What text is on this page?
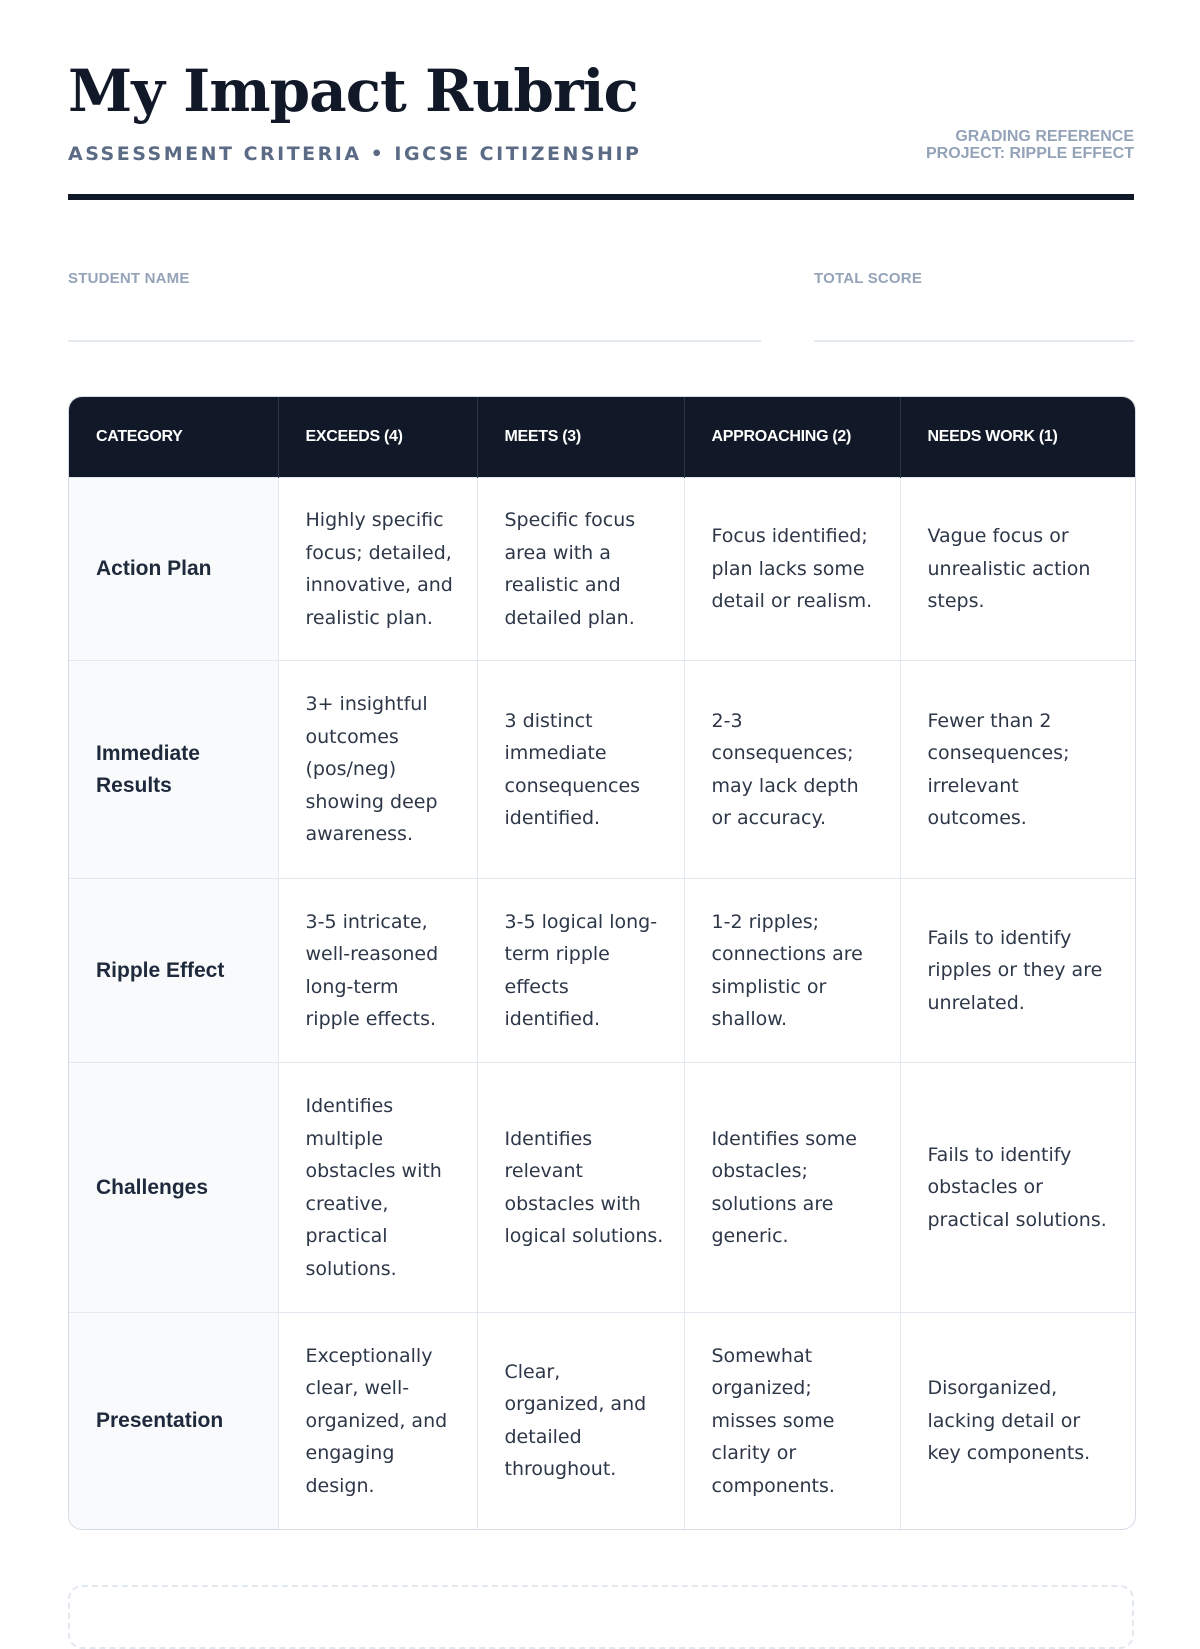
My Impact Rubric
ASSESSMENT CRITERIA • IGCSE CITIZENSHIP
GRADING REFERENCE
PROJECT: RIPPLE EFFECT
STUDENT NAME	TOTAL SCORE
CATEGORY	EXCEEDS (4)	MEETS (3)	APPROACHING (2)	NEEDS WORK (1)
Action Plan	Highly specific focus; detailed, innovative, and realistic plan.	Specific focus area with a realistic and detailed plan.	Focus identified; plan lacks some detail or realism.	Vague focus or unrealistic action steps.
Immediate Results	3+ insightful outcomes (pos/neg) showing deep awareness.	3 distinct immediate consequences identified.	2-3 consequences; may lack depth or accuracy.	Fewer than 2 consequences; irrelevant outcomes.
Ripple Effect	3-5 intricate, well-reasoned long-term ripple effects.	3-5 logical long-term ripple effects identified.	1-2 ripples; connections are simplistic or shallow.	Fails to identify ripples or they are unrelated.
Challenges	Identifies multiple obstacles with creative, practical solutions.	Identifies relevant obstacles with logical solutions.	Identifies some obstacles; solutions are generic.	Fails to identify obstacles or practical solutions.
Presentation	Exceptionally clear, well-organized, and engaging design.	Clear, organized, and detailed throughout.	Somewhat organized; misses some clarity or components.	Disorganized, lacking detail or key components.
